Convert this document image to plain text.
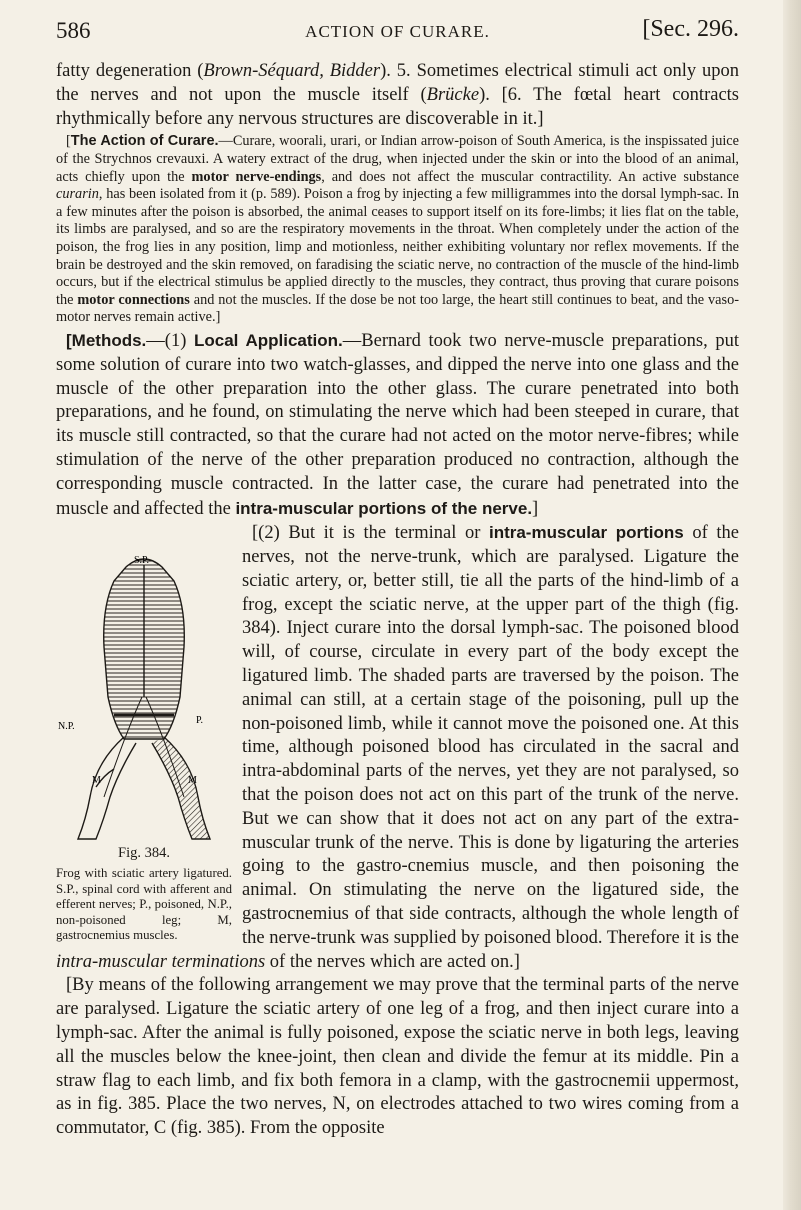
586	ACTION OF CURARE.	[Sec. 296.

fatty degeneration (Brown-Séquard, Bidder). 5. Sometimes electrical stimuli act only upon the nerves and not upon the muscle itself (Brücke). [6. The fœtal heart contracts rhythmically before any nervous structures are discoverable in it.]

[The Action of Curare.—Curare, woorali, urari, or Indian arrow-poison of South America, is the inspissated juice of the Strychnos crevauxi. A watery extract of the drug, when injected under the skin or into the blood of an animal, acts chiefly upon the motor nerve-endings, and does not affect the muscular contractility. An active substance curarin, has been isolated from it (p. 589). Poison a frog by injecting a few milligrammes into the dorsal lymph-sac. In a few minutes after the poison is absorbed, the animal ceases to support itself on its fore-limbs; it lies flat on the table, its limbs are paralysed, and so are the respiratory movements in the throat. When completely under the action of the poison, the frog lies in any position, limp and motionless, neither exhibiting voluntary nor reflex movements. If the brain be destroyed and the skin removed, on faradising the sciatic nerve, no contraction of the muscle of the hind-limb occurs, but if the electrical stimulus be applied directly to the muscles, they contract, thus proving that curare poisons the motor connections and not the muscles. If the dose be not too large, the heart still continues to beat, and the vaso-motor nerves remain active.]

[Methods.—(1) Local Application.—Bernard took two nerve-muscle preparations, put some solution of curare into two watch-glasses, and dipped the nerve into one glass and the muscle of the other preparation into the other glass. The curare penetrated into both preparations, and he found, on stimulating the nerve which had been steeped in curare, that its muscle still contracted, so that the curare had not acted on the motor nerve-fibres; while stimulation of the nerve of the other preparation produced no contraction, although the corresponding muscle contracted. In the latter case, the curare had penetrated into the muscle and affected the intra-muscular portions of the nerve.]

S.P.
N.P.
P.
M	M
Fig. 384.
Frog with sciatic artery ligatured. S.P., spinal cord with afferent and efferent nerves; P., poisoned, N.P., non-poisoned leg; M, gastrocnemius muscles.

[(2) But it is the terminal or intra-muscular portions of the nerves, not the nerve-trunk, which are paralysed. Ligature the sciatic artery, or, better still, tie all the parts of the hind-limb of a frog, except the sciatic nerve, at the upper part of the thigh (fig. 384). Inject curare into the dorsal lymph-sac. The poisoned blood will, of course, circulate in every part of the body except the ligatured limb. The shaded parts are traversed by the poison. The animal can still, at a certain stage of the poisoning, pull up the non-poisoned limb, while it cannot move the poisoned one. At this time, although poisoned blood has circulated in the sacral and intra-abdominal parts of the nerves, yet they are not paralysed, so that the poison does not act on this part of the trunk of the nerve. But we can show that it does not act on any part of the extra-muscular trunk of the nerve. This is done by ligaturing the arteries going to the gastro-cnemius muscle, and then poisoning the animal. On stimulating the nerve on the ligatured side, the gastrocnemius of that side contracts, although the whole length of the nerve-trunk was supplied by poisoned blood. Therefore it is the intra-muscular terminations of the nerves which are acted on.]

[By means of the following arrangement we may prove that the terminal parts of the nerve are paralysed. Ligature the sciatic artery of one leg of a frog, and then inject curare into a lymph-sac. After the animal is fully poisoned, expose the sciatic nerve in both legs, leaving all the muscles below the knee-joint, then clean and divide the femur at its middle. Pin a straw flag to each limb, and fix both femora in a clamp, with the gastrocnemii uppermost, as in fig. 385. Place the two nerves, N, on electrodes attached to two wires coming from a commutator, C (fig. 385). From the opposite
